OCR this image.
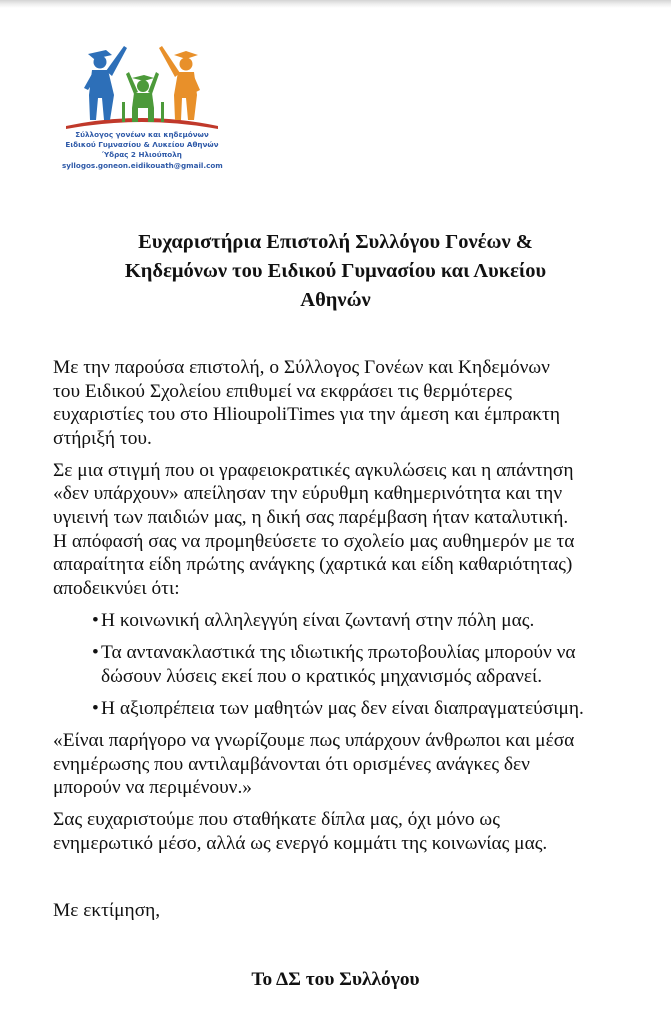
Σύλλογος γονέων και κηδεμόνων
Ειδικού Γυμνασίου & Λυκείου Αθηνών
Ύδρας 2 Ηλιούπολη
syllogos.goneon.eidikouath@gmail.com
Ευχαριστήρια Επιστολή Συλλόγου Γονέων &
Κηδεμόνων του Ειδικού Γυμνασίου και Λυκείου
Αθηνών

Με την παρούσα επιστολή, ο Σύλλογος Γονέων και Κηδεμόνων
του Ειδικού Σχολείου επιθυμεί να εκφράσει τις θερμότερες
ευχαριστίες του στο HlioupoliTimes για την άμεση και έμπρακτη
στήριξή του.

Σε μια στιγμή που οι γραφειοκρατικές αγκυλώσεις και η απάντηση
«δεν υπάρχουν» απείλησαν την εύρυθμη καθημερινότητα και την
υγιεινή των παιδιών μας, η δική σας παρέμβαση ήταν καταλυτική.
Η απόφασή σας να προμηθεύσετε το σχολείο μας αυθημερόν με τα
απαραίτητα είδη πρώτης ανάγκης (χαρτικά και είδη καθαριότητας)
αποδεικνύει ότι:

• Η κοινωνική αλληλεγγύη είναι ζωντανή στην πόλη μας.
• Τα αντανακλαστικά της ιδιωτικής πρωτοβουλίας μπορούν να
δώσουν λύσεις εκεί που ο κρατικός μηχανισμός αδρανεί.
• Η αξιοπρέπεια των μαθητών μας δεν είναι διαπραγματεύσιμη.

«Είναι παρήγορο να γνωρίζουμε πως υπάρχουν άνθρωποι και μέσα
ενημέρωσης που αντιλαμβάνονται ότι ορισμένες ανάγκες δεν
μπορούν να περιμένουν.»

Σας ευχαριστούμε που σταθήκατε δίπλα μας, όχι μόνο ως
ενημερωτικό μέσο, αλλά ως ενεργό κομμάτι της κοινωνίας μας.

Με εκτίμηση,
Το ΔΣ του Συλλόγου
